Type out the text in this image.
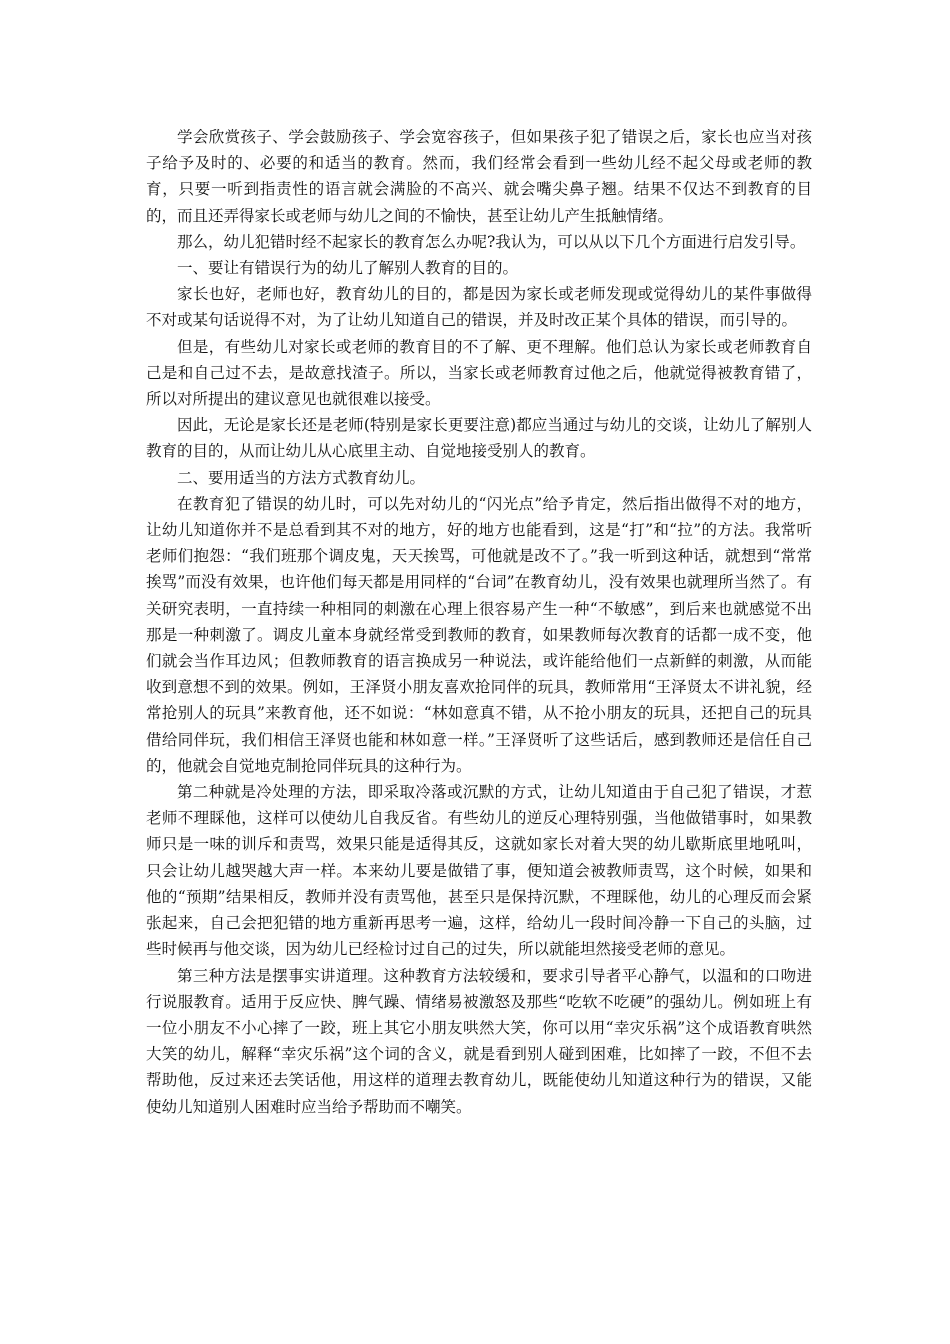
学会欣赏孩子、学会鼓励孩子、学会宽容孩子，但如果孩子犯了错误之后，家长也应当对孩子给予及时的、必要的和适当的教育。然而，我们经常会看到一些幼儿经不起父母或老师的教育，只要一听到指责性的语言就会满脸的不高兴、就会嘴尖鼻子翘。结果不仅达不到教育的目的，而且还弄得家长或老师与幼儿之间的不愉快，甚至让幼儿产生抵触情绪。

那么，幼儿犯错时经不起家长的教育怎么办呢?我认为，可以从以下几个方面进行启发引导。

一、要让有错误行为的幼儿了解别人教育的目的。

家长也好，老师也好，教育幼儿的目的，都是因为家长或老师发现或觉得幼儿的某件事做得不对或某句话说得不对，为了让幼儿知道自己的错误，并及时改正某个具体的错误，而引导的。

但是，有些幼儿对家长或老师的教育目的不了解、更不理解。他们总认为家长或老师教育自己是和自己过不去，是故意找渣子。所以，当家长或老师教育过他之后，他就觉得被教育错了，所以对所提出的建议意见也就很难以接受。

因此，无论是家长还是老师(特别是家长更要注意)都应当通过与幼儿的交谈，让幼儿了解别人教育的目的，从而让幼儿从心底里主动、自觉地接受别人的教育。

二、要用适当的方法方式教育幼儿。

在教育犯了错误的幼儿时，可以先对幼儿的“闪光点”给予肯定，然后指出做得不对的地方，让幼儿知道你并不是总看到其不对的地方，好的地方也能看到，这是“打”和“拉”的方法。我常听老师们抱怨：“我们班那个调皮鬼，天天挨骂，可他就是改不了。”我一听到这种话，就想到“常常挨骂”而没有效果，也许他们每天都是用同样的“台词”在教育幼儿，没有效果也就理所当然了。有关研究表明，一直持续一种相同的刺激在心理上很容易产生一种“不敏感”，到后来也就感觉不出那是一种刺激了。调皮儿童本身就经常受到教师的教育，如果教师每次教育的话都一成不变，他们就会当作耳边风；但教师教育的语言换成另一种说法，或许能给他们一点新鲜的刺激，从而能收到意想不到的效果。例如，王泽贤小朋友喜欢抢同伴的玩具，教师常用“王泽贤太不讲礼貌，经常抢别人的玩具”来教育他，还不如说：“林如意真不错，从不抢小朋友的玩具，还把自己的玩具借给同伴玩，我们相信王泽贤也能和林如意一样。”王泽贤听了这些话后，感到教师还是信任自己的，他就会自觉地克制抢同伴玩具的这种行为。

第二种就是冷处理的方法，即采取冷落或沉默的方式，让幼儿知道由于自己犯了错误，才惹老师不理睬他，这样可以使幼儿自我反省。有些幼儿的逆反心理特别强，当他做错事时，如果教师只是一味的训斥和责骂，效果只能是适得其反，这就如家长对着大哭的幼儿歇斯底里地吼叫，只会让幼儿越哭越大声一样。本来幼儿要是做错了事，便知道会被教师责骂，这个时候，如果和他的“预期”结果相反，教师并没有责骂他，甚至只是保持沉默，不理睬他，幼儿的心理反而会紧张起来，自己会把犯错的地方重新再思考一遍，这样，给幼儿一段时间冷静一下自己的头脑，过些时候再与他交谈，因为幼儿已经检讨过自己的过失，所以就能坦然接受老师的意见。

第三种方法是摆事实讲道理。这种教育方法较缓和，要求引导者平心静气，以温和的口吻进行说服教育。适用于反应快、脾气躁、情绪易被激怒及那些“吃软不吃硬”的强幼儿。例如班上有一位小朋友不小心摔了一跤，班上其它小朋友哄然大笑，你可以用“幸灾乐祸”这个成语教育哄然大笑的幼儿，解释“幸灾乐祸”这个词的含义，就是看到别人碰到困难，比如摔了一跤，不但不去帮助他，反过来还去笑话他，用这样的道理去教育幼儿，既能使幼儿知道这种行为的错误，又能使幼儿知道别人困难时应当给予帮助而不嘲笑。
